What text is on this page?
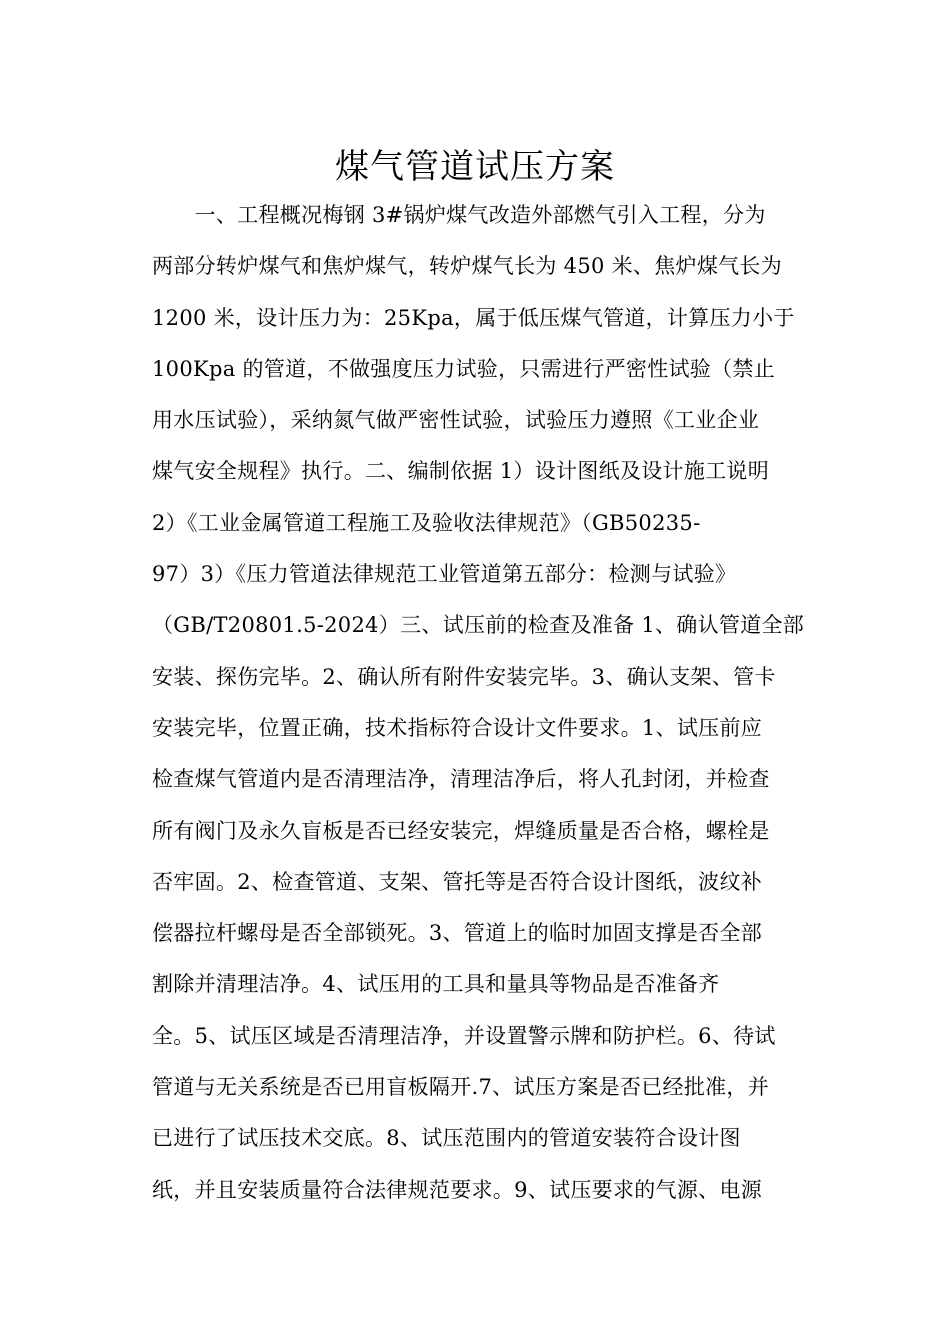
煤气管道试压方案
　　一、工程概况梅钢 3#锅炉煤气改造外部燃气引入工程，分为
两部分转炉煤气和焦炉煤气，转炉煤气长为 450 米、焦炉煤气长为
1200 米，设计压力为：25Kpa，属于低压煤气管道，计算压力小于
100Kpa 的管道，不做强度压力试验，只需进行严密性试验（禁止
用水压试验），采纳氮气做严密性试验，试验压力遵照《工业企业
煤气安全规程》执行。二、编制依据 1）设计图纸及设计施工说明
2）《工业金属管道工程施工及验收法律规范》（GB50235-
97）3）《压力管道法律规范工业管道第五部分：检测与试验》
（GB/T20801.5-2024）三、试压前的检查及准备 1、确认管道全部
安装、探伤完毕。2、确认所有附件安装完毕。3、确认支架、管卡
安装完毕，位置正确，技术指标符合设计文件要求。1、试压前应
检查煤气管道内是否清理洁净，清理洁净后，将人孔封闭，并检查
所有阀门及永久盲板是否已经安装完，焊缝质量是否合格，螺栓是
否牢固。2、检查管道、支架、管托等是否符合设计图纸，波纹补
偿器拉杆螺母是否全部锁死。3、管道上的临时加固支撑是否全部
割除并清理洁净。4、试压用的工具和量具等物品是否准备齐
全。5、试压区域是否清理洁净，并设置警示牌和防护栏。6、待试
管道与无关系统是否已用盲板隔开.7、试压方案是否已经批准，并
已进行了试压技术交底。8、试压范围内的管道安装符合设计图
纸，并且安装质量符合法律规范要求。9、试压要求的气源、电源
